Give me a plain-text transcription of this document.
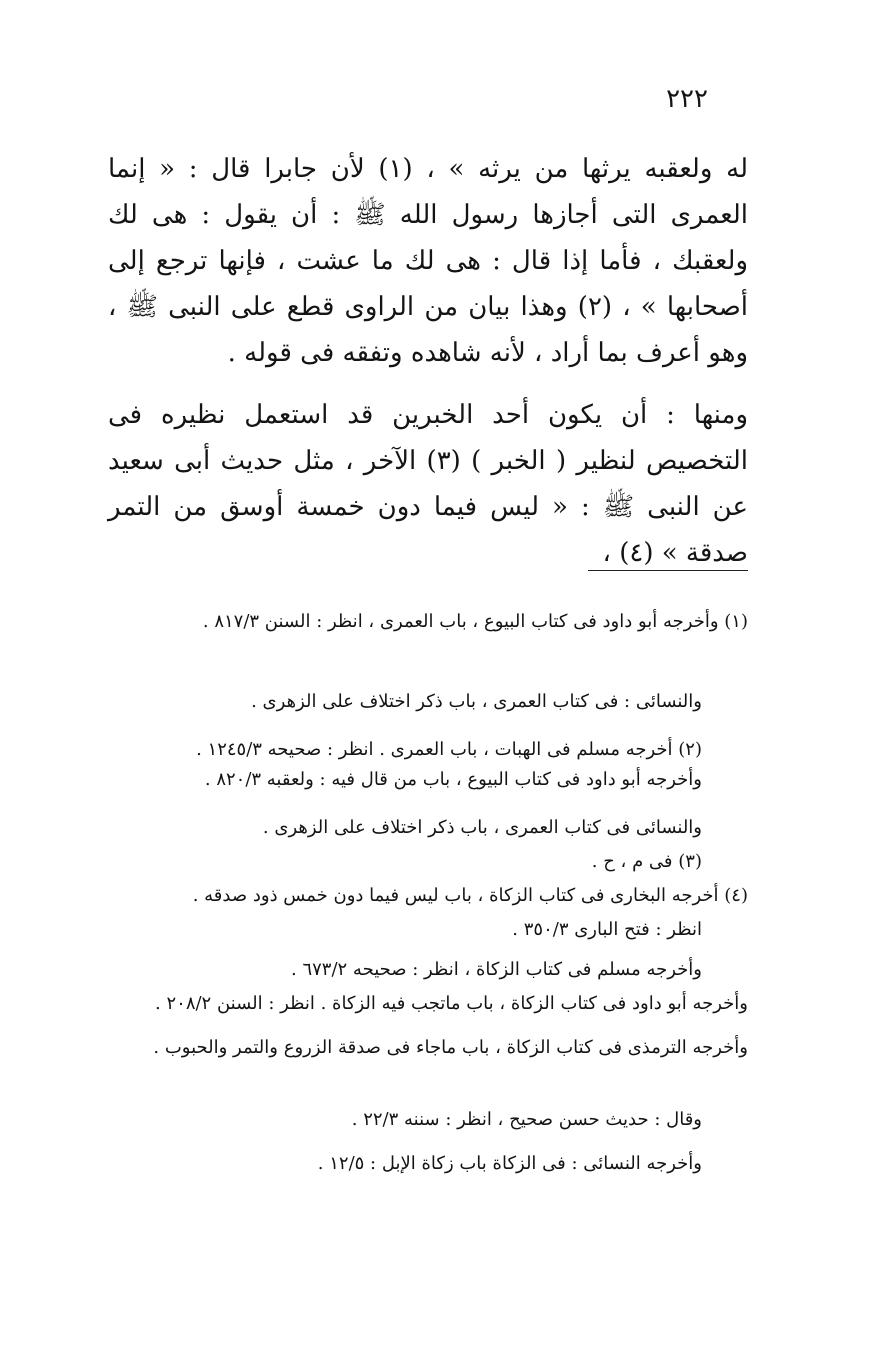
٢٢٢

له ولعقبه يرثها من يرثه » ، (١) لأن جابرا قال : « إنما العمرى التى أجازها رسول الله ﷺ : أن يقول : هى لك ولعقبك ، فأما إذا قال : هى لك ما عشت ، فإنها ترجع إلى أصحابها » ، (٢) وهذا بيان من الراوى قطع على النبى ﷺ ، وهو أعرف بما أراد ، لأنه شاهده وتفقه فى قوله .

ومنها : أن يكون أحد الخبرين قد استعمل نظيره فى التخصيص لنظير ( الخبر ) (٣) الآخر ، مثل حديث أبى سعيد عن النبى ﷺ : « ليس فيما دون خمسة أوسق من التمر صدقة » (٤) ،

(١) وأخرجه أبو داود فى كتاب البيوع ، باب العمرى ، انظر : السنن ٨١٧/٣ .

والنسائى : فى كتاب العمرى ، باب ذكر اختلاف على الزهرى .

(٢) أخرجه مسلم فى الهبات ، باب العمرى . انظر : صحيحه ١٢٤٥/٣ .

وأخرجه أبو داود فى كتاب البيوع ، باب من قال فيه : ولعقبه ٨٢٠/٣ .

والنسائى فى كتاب العمرى ، باب ذكر اختلاف على الزهرى .

(٣) فى م ، ح .

(٤) أخرجه البخارى فى كتاب الزكاة ، باب ليس فيما دون خمس ذود صدقه .

انظر : فتح البارى ٣٥٠/٣ .

وأخرجه مسلم فى كتاب الزكاة ، انظر : صحيحه ٦٧٣/٢ .

وأخرجه أبو داود فى كتاب الزكاة ، باب ماتجب فيه الزكاة . انظر : السنن ٢٠٨/٢ .

وأخرجه الترمذى فى كتاب الزكاة ، باب ماجاء فى صدقة الزروع والتمر والحبوب .

وقال : حديث حسن صحيح ، انظر : سننه ٢٢/٣ .

وأخرجه النسائى : فى الزكاة باب زكاة الإبل : ١٢/٥ .
